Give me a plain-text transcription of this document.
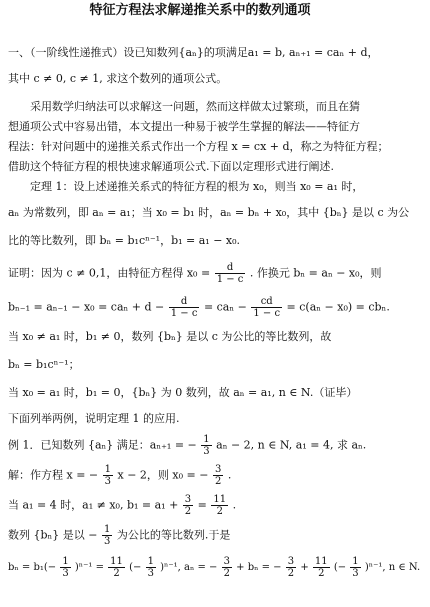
特征方程法求解递推关系中的数列通项
一、（一阶线性递推式）设已知数列{aₙ}的项满足a₁ = b, aₙ₊₁ = caₙ + d，
其中 c ≠ 0, c ≠ 1, 求这个数列的通项公式。
采用数学归纳法可以求解这一问题，然而这样做太过繁琐，而且在猜
想通项公式中容易出错，本文提出一种易于被学生掌握的解法——特征方
程法：针对问题中的递推关系式作出一个方程 x = cx + d，称之为特征方程；
借助这个特征方程的根快速求解通项公式.下面以定理形式进行阐述.
定理 1：设上述递推关系式的特征方程的根为 x₀，则当 x₀ = a₁ 时，
aₙ 为常数列，即 aₙ = a₁；当 x₀ = b₁ 时，aₙ = bₙ + x₀，其中 {bₙ} 是以 c 为公
比的等比数列，即 bₙ = b₁cⁿ⁻¹，b₁ = a₁ − x₀.
证明：因为 c ≠ 0,1，由特征方程得 $x_0 = \frac{d}{1 - c}$ . 作换元 bₙ = aₙ − x₀，则
$b_{n-1} = a_{n-1} - x_0 = ca_n + d - \frac{d}{1 - c} = ca_n - \frac{cd}{1 - c} = c(a_n - x_0) = cb_n$.
当 x₀ ≠ a₁ 时，b₁ ≠ 0，数列 {bₙ} 是以 c 为公比的等比数列，故
bₙ = b₁cⁿ⁻¹；
当 x₀ = a₁ 时，b₁ = 0，{bₙ} 为 0 数列，故 aₙ = a₁, n ∈ N.（证毕）
下面列举两例，说明定理 1 的应用.
例 1．已知数列 {aₙ} 满足：aₙ₊₁ = − $\frac{1}{3}$ aₙ − 2, n ∈ N, a₁ = 4, 求 aₙ.
解：作方程 x = − $\frac{1}{3}$ x − 2，则 x₀ = − $\frac{3}{2}$ .
当 a₁ = 4 时，a₁ ≠ x₀, $b_1 = a_1 + \frac{3}{2} = \frac{11}{2}$ .
数列 {bₙ} 是以 − $\frac{1}{3}$ 为公比的等比数列.于是
$b_n = b_1(- \frac{1}{3} )^{n-1} = \frac{11}{2}$ (− $\frac{1}{3} )^{n-1}$, aₙ = − $\frac{3}{2} + b_n$ = − $\frac{3}{2} + \frac{11}{2}$ (− $\frac{1}{3} )^{n-1}$, n ∈ N.
